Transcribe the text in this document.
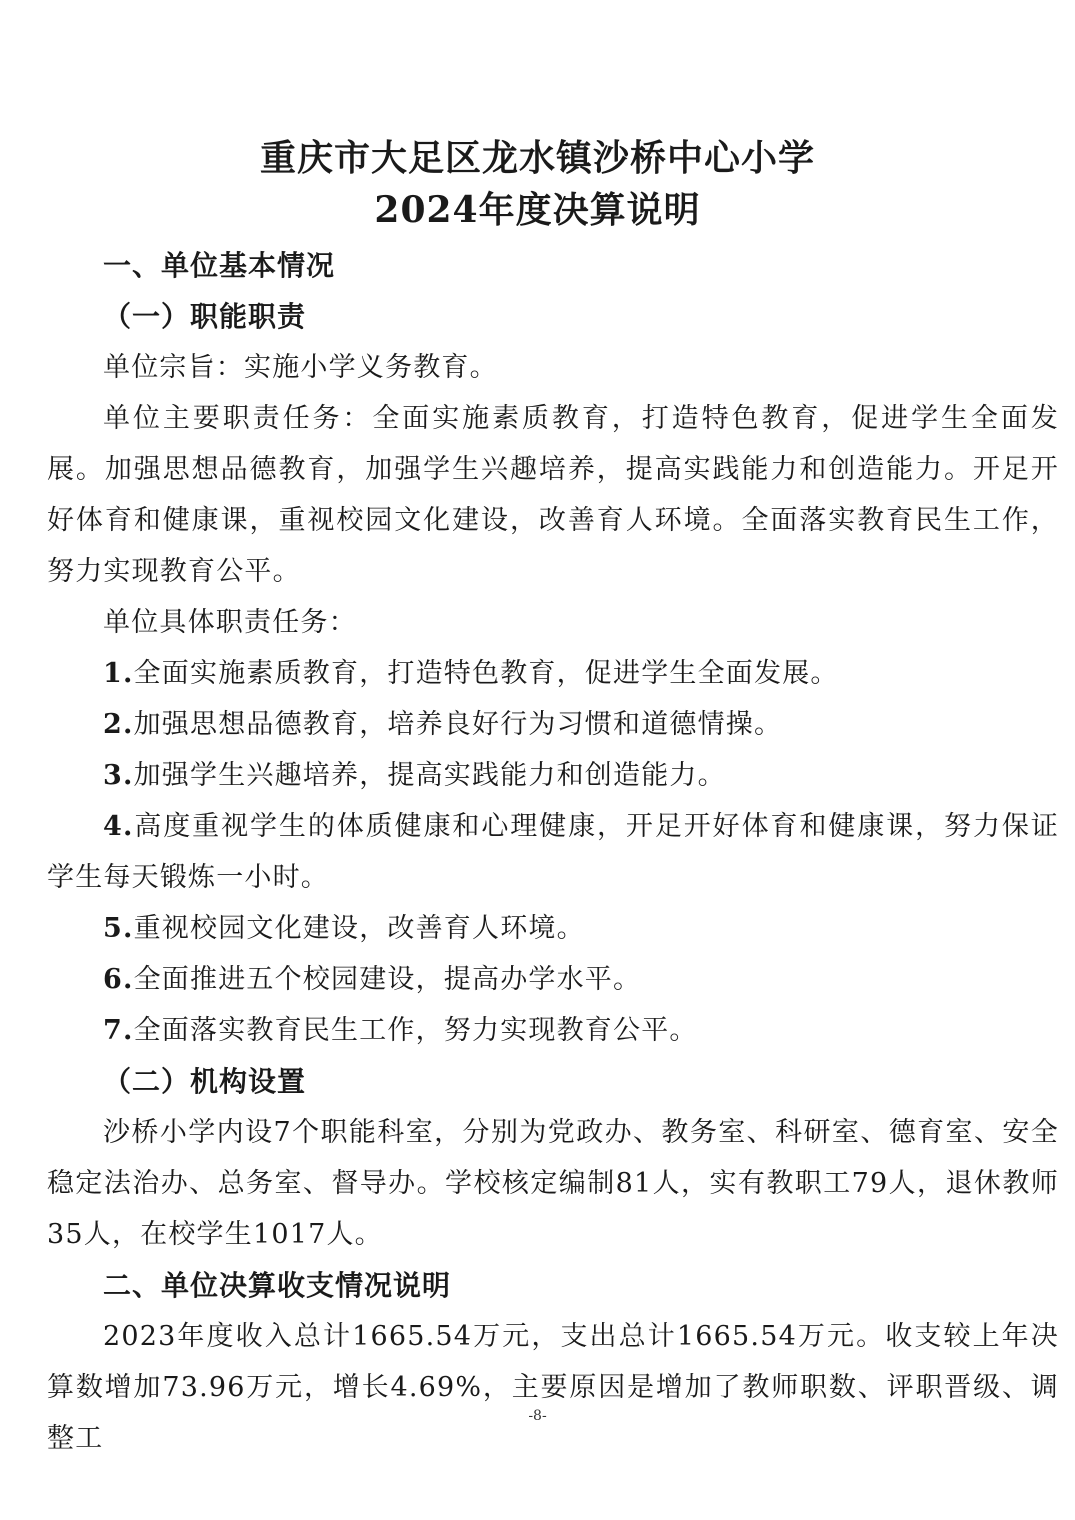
重庆市大足区龙水镇沙桥中心小学
2024年度决算说明

一、单位基本情况

（一）职能职责

单位宗旨：实施小学义务教育。

单位主要职责任务：全面实施素质教育，打造特色教育，促进学生全面发展。加强思想品德教育，加强学生兴趣培养，提高实践能力和创造能力。开足开好体育和健康课，重视校园文化建设，改善育人环境。全面落实教育民生工作，努力实现教育公平。

单位具体职责任务：

1.全面实施素质教育，打造特色教育，促进学生全面发展。

2.加强思想品德教育，培养良好行为习惯和道德情操。

3.加强学生兴趣培养，提高实践能力和创造能力。

4.高度重视学生的体质健康和心理健康，开足开好体育和健康课，努力保证学生每天锻炼一小时。

5.重视校园文化建设，改善育人环境。

6.全面推进五个校园建设，提高办学水平。

7.全面落实教育民生工作，努力实现教育公平。

（二）机构设置

沙桥小学内设7个职能科室，分别为党政办、教务室、科研室、德育室、安全稳定法治办、总务室、督导办。学校核定编制81人，实有教职工79人，退休教师35人，在校学生1017人。

二、单位决算收支情况说明

2023年度收入总计1665.54万元，支出总计1665.54万元。收支较上年决算数增加73.96万元，增长4.69%，主要原因是增加了教师职数、评职晋级、调整工

-8-
